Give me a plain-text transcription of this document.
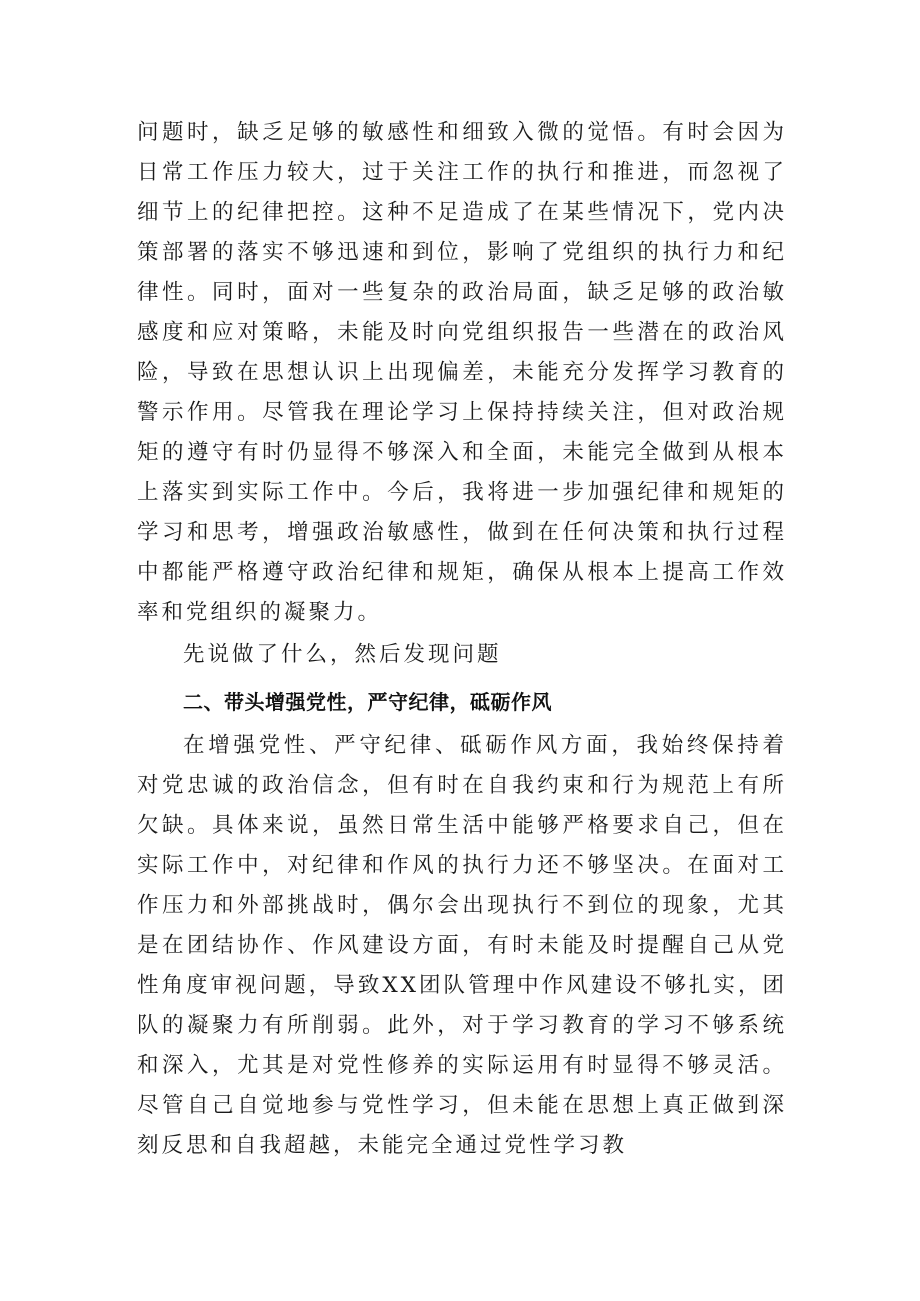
问题时，缺乏足够的敏感性和细致入微的觉悟。有时会因为日常工作压力较大，过于关注工作的执行和推进，而忽视了细节上的纪律把控。这种不足造成了在某些情况下，党内决策部署的落实不够迅速和到位，影响了党组织的执行力和纪律性。同时，面对一些复杂的政治局面，缺乏足够的政治敏感度和应对策略，未能及时向党组织报告一些潜在的政治风险，导致在思想认识上出现偏差，未能充分发挥学习教育的警示作用。尽管我在理论学习上保持持续关注，但对政治规矩的遵守有时仍显得不够深入和全面，未能完全做到从根本上落实到实际工作中。今后，我将进一步加强纪律和规矩的学习和思考，增强政治敏感性，做到在任何决策和执行过程中都能严格遵守政治纪律和规矩，确保从根本上提高工作效率和党组织的凝聚力。

先说做了什么，然后发现问题

二、带头增强党性，严守纪律，砥砺作风

在增强党性、严守纪律、砥砺作风方面，我始终保持着对党忠诚的政治信念，但有时在自我约束和行为规范上有所欠缺。具体来说，虽然日常生活中能够严格要求自己，但在实际工作中，对纪律和作风的执行力还不够坚决。在面对工作压力和外部挑战时，偶尔会出现执行不到位的现象，尤其是在团结协作、作风建设方面，有时未能及时提醒自己从党性角度审视问题，导致XX团队管理中作风建设不够扎实，团队的凝聚力有所削弱。此外，对于学习教育的学习不够系统和深入，尤其是对党性修养的实际运用有时显得不够灵活。尽管自己自觉地参与党性学习，但未能在思想上真正做到深刻反思和自我超越，未能完全通过党性学习教
